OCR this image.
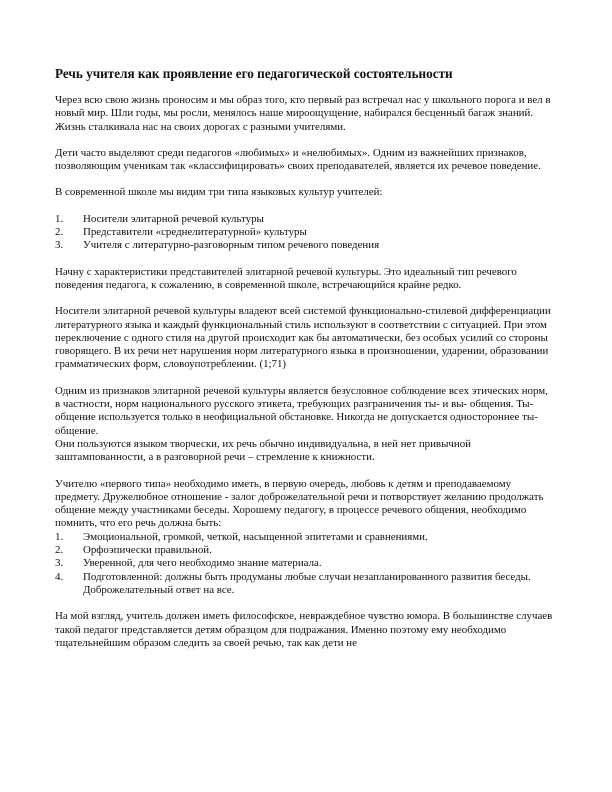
Речь учителя как проявление его педагогической состоятельности

Через всю свою жизнь проносим и мы образ того, кто первый раз встречал нас у школьного порога и вел в новый мир. Шли годы, мы росли, менялось наше мироощущение, набирался бесценный багаж знаний. Жизнь сталкивала нас на своих дорогах с разными учителями.

Дети часто выделяют среди педагогов «любимых» и «нелюбимых». Одним из важнейших признаков, позволяющим ученикам так «классифицировать» своих преподавателей, является их речевое поведение.

В современной школе мы видим три типа языковых культур учителей:

1.	Носители элитарной речевой культуры
2.	Представители «среднелитературной» культуры
3.	Учителя с литературно-разговорным типом речевого поведения

Начну с характеристики представителей элитарной речевой культуры. Это идеальный тип речевого поведения педагога, к сожалению, в современной школе, встречающийся крайне редко.

Носители элитарной речевой культуры владеют всей системой функционально-стилевой дифференциации литературного языка и каждый функциональный стиль используют в соответствии с ситуацией. При этом переключение с одного стиля на другой происходит как бы автоматически, без особых усилий со стороны говорящего. В их речи нет нарушения норм литературного языка в произношении, ударении, образовании грамматических форм, словоупотреблении. (1;71)

Одним из признаков элитарной речевой культуры является безусловное соблюдение всех этических норм, в частности, норм национального русского этикета, требующих разграничения ты- и вы- общения. Ты-общение используется только в неофициальной обстановке. Никогда не допускается одностороннее ты-общение.

Они пользуются языком творчески, их речь обычно индивидуальна, в ней нет привычной заштампованности, а в разговорной речи – стремление к книжности.

Учителю «первого типа» необходимо иметь, в первую очередь, любовь к детям и преподаваемому предмету. Дружелюбное отношение - залог доброжелательной речи и потворствует желанию продолжать общение между участниками беседы. Хорошему педагогу, в процессе речевого общения, необходимо помнить, что его речь должна быть:

1.	Эмоциональной, громкой, четкой, насыщенной эпитетами и сравнениями.
2.	Орфоэпически правильной.
3.	Уверенной, для чего необходимо знание материала.
4.	Подготовленной: должны быть продуманы любые случаи незапланированного развития беседы. Доброжелательный ответ на все.

На мой взгляд, учитель должен иметь философское, невраждебное чувство юмора. В большинстве случаев такой педагог представляется детям образцом для подражания. Именно поэтому ему необходимо тщательнейшим образом следить за своей речью, так как дети не
